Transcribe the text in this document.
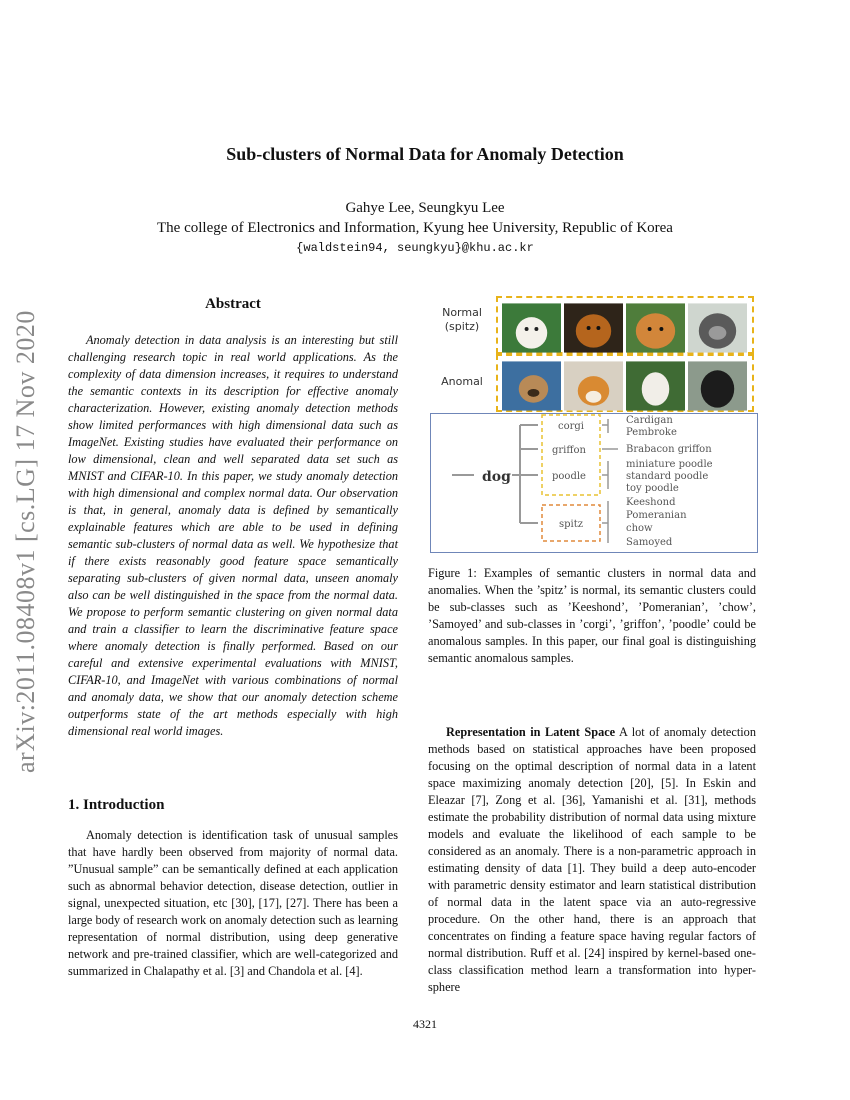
arXiv:2011.08408v1 [cs.LG] 17 Nov 2020
Sub-clusters of Normal Data for Anomaly Detection
Gahye Lee, Seungkyu Lee
The college of Electronics and Information, Kyung hee University, Republic of Korea
{waldstein94, seungkyu}@khu.ac.kr
Abstract

Anomaly detection in data analysis is an interesting but still challenging research topic in real world applications. As the complexity of data dimension increases, it requires to understand the semantic contexts in its description for effective anomaly characterization. However, existing anomaly detection methods show limited performances with high dimensional data such as ImageNet. Existing studies have evaluated their performance on low dimensional, clean and well separated data set such as MNIST and CIFAR-10. In this paper, we study anomaly detection with high dimensional and complex normal data. Our observation is that, in general, anomaly data is defined by semantically explainable features which are able to be used in defining semantic sub-clusters of normal data as well. We hypothesize that if there exists reasonably good feature space semantically separating sub-clusters of given normal data, unseen anomaly also can be well distinguished in the space from the normal data. We propose to perform semantic clustering on given normal data and train a classifier to learn the discriminative feature space where anomaly detection is finally performed. Based on our careful and extensive experimental evaluations with MNIST, CIFAR-10, and ImageNet with various combinations of normal and anomaly data, we show that our anomaly detection scheme outperforms state of the art methods especially with high dimensional real world images.

1. Introduction

Anomaly detection is identification task of unusual samples that have hardly been observed from majority of normal data. ”Unusual sample” can be semantically defined at each application such as abnormal behavior detection, disease detection, outlier in signal, unexpected situation, etc [30], [17], [27]. There has been a large body of research work on anomaly detection such as learning representation of normal distribution, using deep generative network and pre-trained classifier, which are well-categorized and summarized in Chalapathy et al. [3] and Chandola et al. [4].

Normal
(spitz)
Anomal
dog
corgi
griffon
poodle
spitz
Cardigan
Pembroke
Brabacon griffon
miniature poodle
standard poodle
toy poodle
Keeshond
Pomeranian
chow
Samoyed

Figure 1: Examples of semantic clusters in normal data and anomalies. When the ’spitz’ is normal, its semantic clusters could be sub-classes such as ’Keeshond’, ’Pomeranian’, ’chow’, ’Samoyed’ and sub-classes in ’corgi’, ’griffon’, ’poodle’ could be anomalous samples. In this paper, our final goal is distinguishing semantic anomalous samples.

Representation in Latent Space A lot of anomaly detection methods based on statistical approaches have been proposed focusing on the optimal description of normal data in a latent space maximizing anomaly detection [20], [5]. In Eskin and Eleazar [7], Zong et al. [36], Yamanishi et al. [31], methods estimate the probability distribution of normal data using mixture models and evaluate the likelihood of each sample to be considered as an anomaly. There is a non-parametric approach in estimating density of data [1]. They build a deep auto-encoder with parametric density estimator and learn statistical distribution of normal data in the latent space via an auto-regressive procedure. On the other hand, there is an approach that concentrates on finding a feature space having regular factors of normal distribution. Ruff et al. [24] inspired by kernel-based one-class classification method learn a transformation into hyper-sphere

4321
